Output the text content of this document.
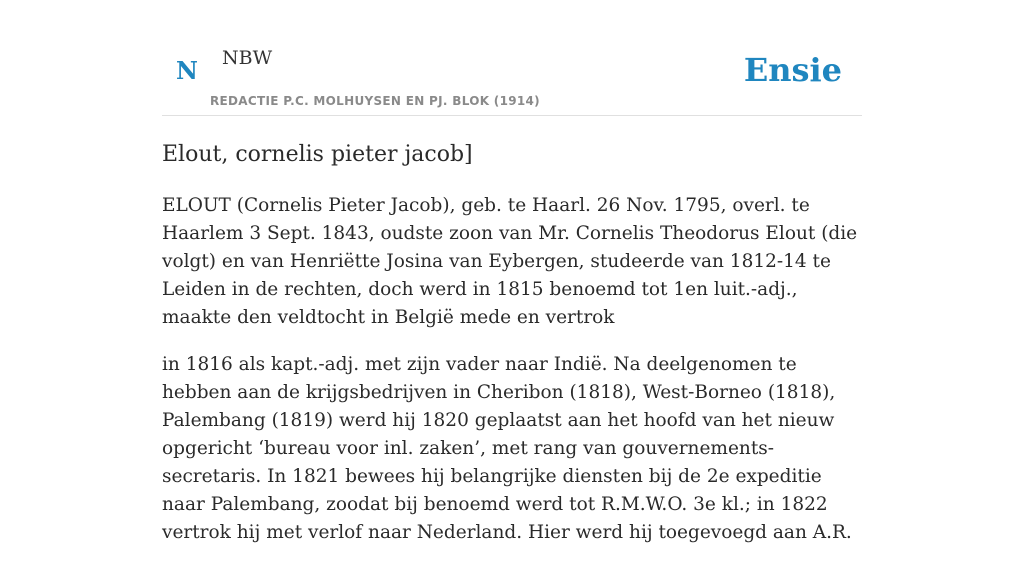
N NBW
REDACTIE P.C. MOLHUYSEN EN PJ. BLOK (1914)
Ensie
Elout, cornelis pieter jacob]

ELOUT (Cornelis Pieter Jacob), geb. te Haarl. 26 Nov. 1795, overl. te Haarlem 3 Sept. 1843, oudste zoon van Mr. Cornelis Theodorus Elout (die volgt) en van Henriëtte Josina van Eybergen, studeerde van 1812-14 te Leiden in de rechten, doch werd in 1815 benoemd tot 1en luit.-adj., maakte den veldtocht in België mede en vertrok

in 1816 als kapt.-adj. met zijn vader naar Indië. Na deelgenomen te hebben aan de krijgsbedrijven in Cheribon (1818), West-Borneo (1818), Palembang (1819) werd hij 1820 geplaatst aan het hoofd van het nieuw opgericht ‘bureau voor inl. zaken’, met rang van gouvernements-secretaris. In 1821 bewees hij belangrijke diensten bij de 2e expeditie naar Palembang, zoodat bij benoemd werd tot R.M.W.O. 3e kl.; in 1822 vertrok hij met verlof naar Nederland. Hier werd hij toegevoegd aan A.R.
